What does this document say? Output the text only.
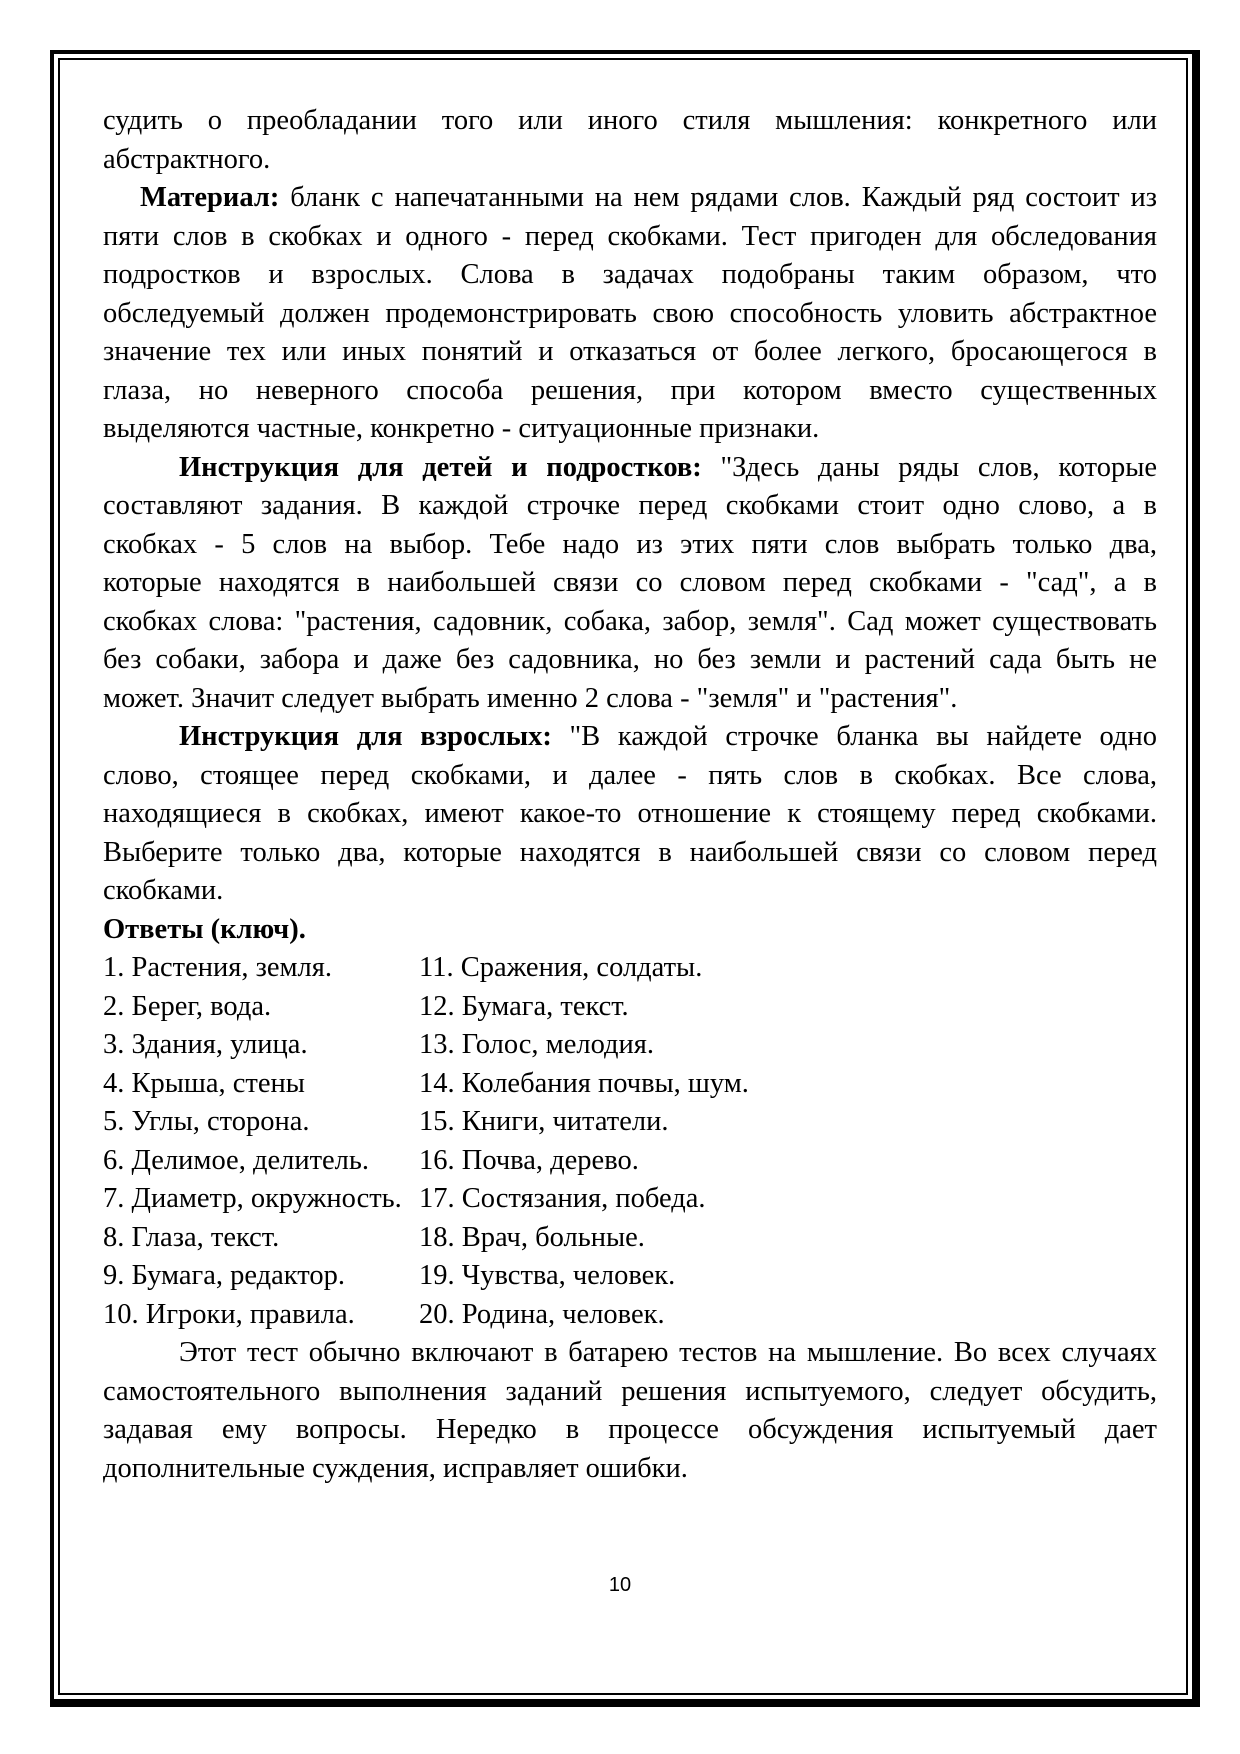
судить о преобладании того или иного стиля мышления: конкретного или
абстрактного.
Материал: бланк с напечатанными на нем рядами слов. Каждый ряд состоит из
пяти слов в скобках и одного - перед скобками. Тест пригоден для обследования
подростков и взрослых. Слова в задачах подобраны таким образом, что
обследуемый должен продемонстрировать свою способность уловить абстрактное
значение тех или иных понятий и отказаться от более легкого, бросающегося в
глаза, но неверного способа решения, при котором вместо существенных
выделяются частные, конкретно - ситуационные признаки.
Инструкция для детей и подростков: "Здесь даны ряды слов, которые
составляют задания. В каждой строчке перед скобками стоит одно слово, а в
скобках - 5 слов на выбор. Тебе надо из этих пяти слов выбрать только два,
которые находятся в наибольшей связи со словом перед скобками - "сад", а в
скобках слова: "растения, садовник, собака, забор, земля". Сад может существовать
без собаки, забора и даже без садовника, но без земли и растений сада быть не
может. Значит следует выбрать именно 2 слова - "земля" и "растения".
Инструкция для взрослых: "В каждой строчке бланка вы найдете одно
слово, стоящее перед скобками, и далее - пять слов в скобках. Все слова,
находящиеся в скобках, имеют какое-то отношение к стоящему перед скобками.
Выберите только два, которые находятся в наибольшей связи со словом перед
скобками.
Ответы (ключ).
1. Растения, земля.	11. Сражения, солдаты.
2. Берег, вода.	12. Бумага, текст.
3. Здания, улица.	13. Голос, мелодия.
4. Крыша, стены	14. Колебания почвы, шум.
5. Углы, сторона.	15. Книги, читатели.
6. Делимое, делитель. 16. Почва, дерево.
7. Диаметр, окружность. 17. Состязания, победа.
8. Глаза, текст.	18. Врач, больные.
9. Бумага, редактор.	19. Чувства, человек.
10. Игроки, правила. 20. Родина, человек.
Этот тест обычно включают в батарею тестов на мышление. Во всех случаях
самостоятельного выполнения заданий решения испытуемого, следует обсудить,
задавая ему вопросы. Нередко в процессе обсуждения испытуемый дает
дополнительные суждения, исправляет ошибки.
10
